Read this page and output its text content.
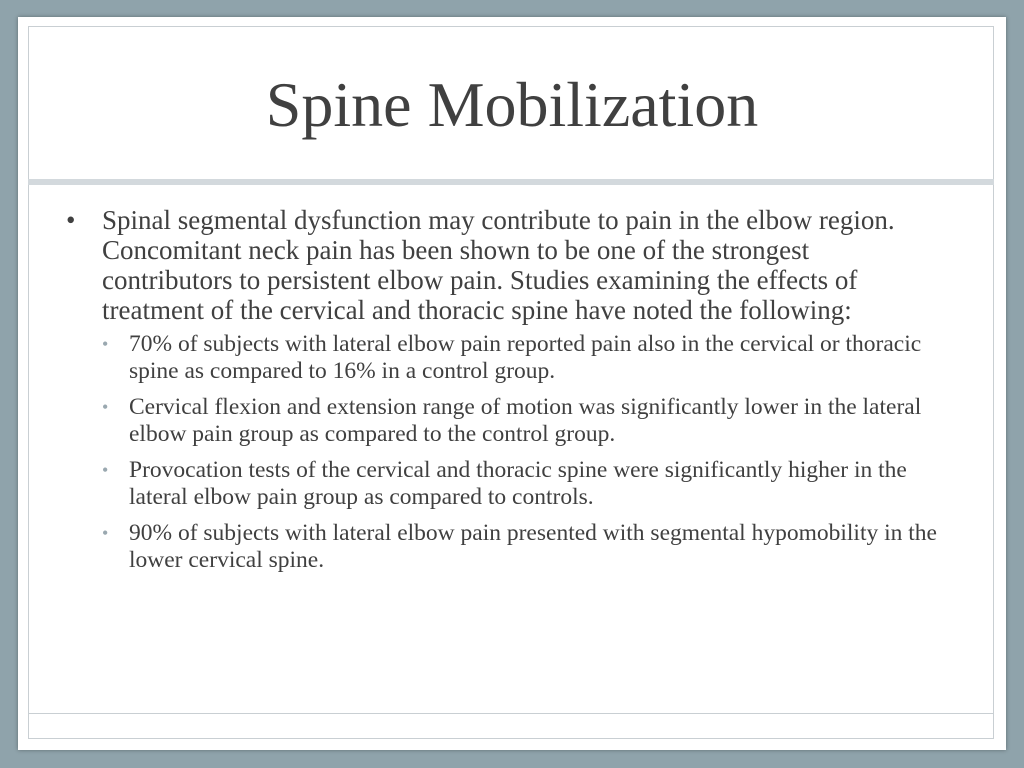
Spine Mobilization
• Spinal segmental dysfunction may contribute to pain in the elbow region. Concomitant neck pain has been shown to be one of the strongest contributors to persistent elbow pain. Studies examining the effects of treatment of the cervical and thoracic spine have noted the following:
• 70% of subjects with lateral elbow pain reported pain also in the cervical or thoracic spine as compared to 16% in a control group.
• Cervical flexion and extension range of motion was significantly lower in the lateral elbow pain group as compared to the control group.
• Provocation tests of the cervical and thoracic spine were significantly higher in the lateral elbow pain group as compared to controls.
• 90% of subjects with lateral elbow pain presented with segmental hypomobility in the lower cervical spine.
